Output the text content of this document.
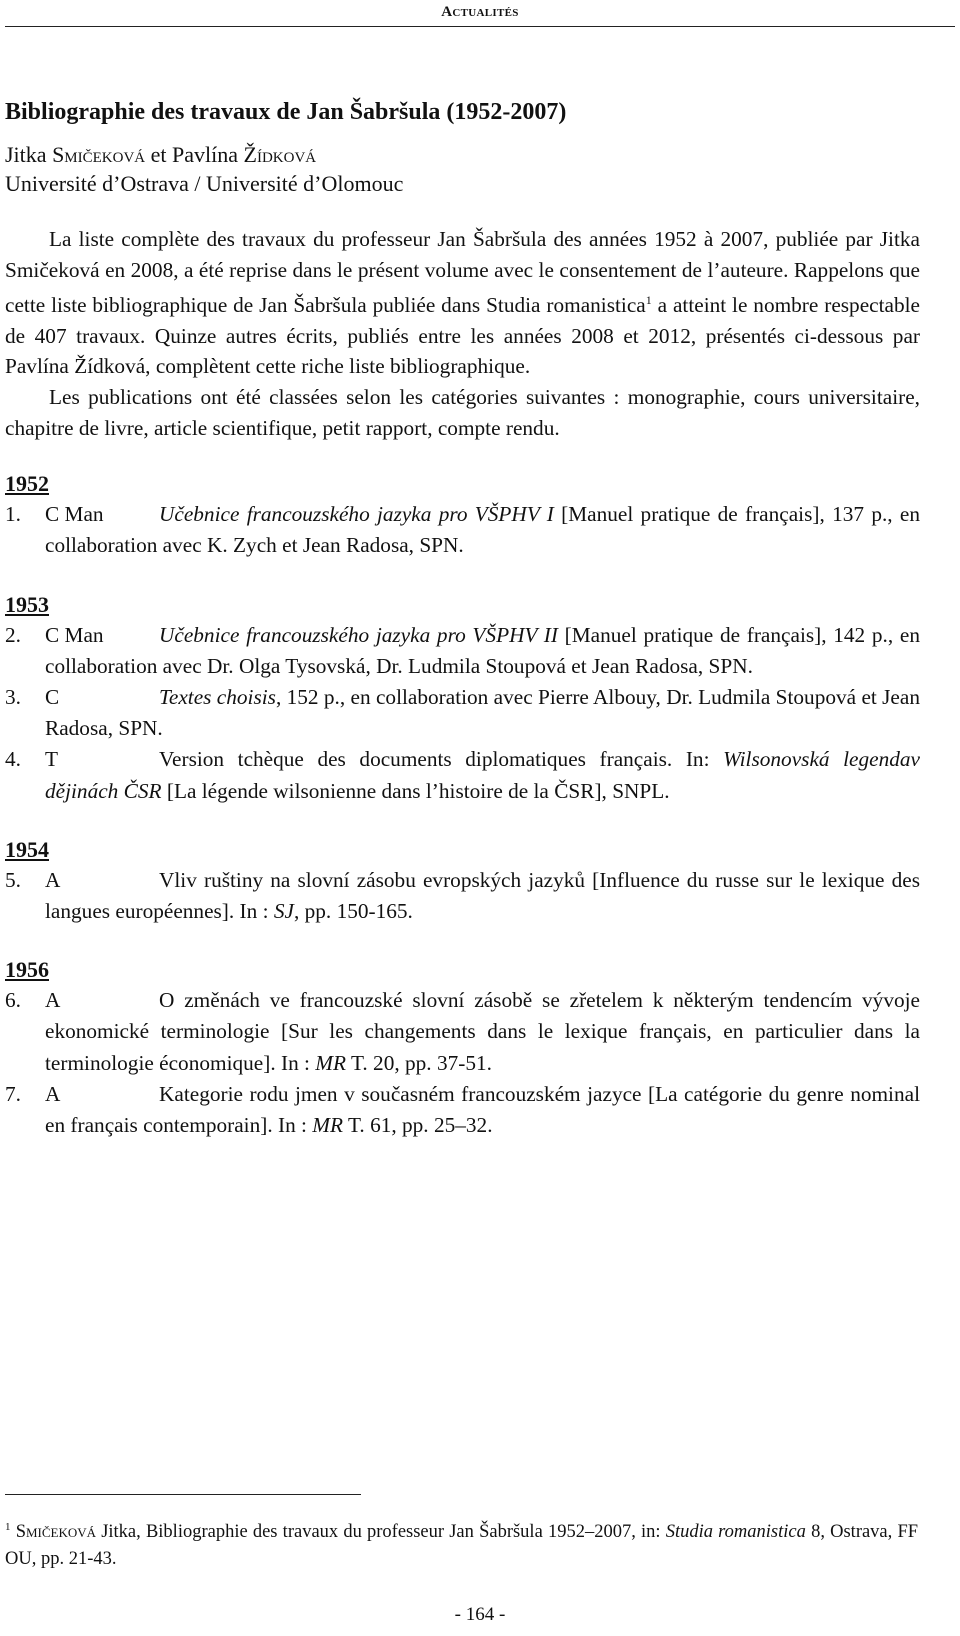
Actualités
Bibliographie des travaux de Jan Šabršula (1952-2007)
Jitka Smičeková et Pavlína Žídková
Université d’Ostrava / Université d’Olomouc

La liste complète des travaux du professeur Jan Šabršula des années 1952 à 2007, publiée par Jitka Smičeková en 2008, a été reprise dans le présent volume avec le consentement de l’auteure. Rappelons que cette liste bibliographique de Jan Šabršula publiée dans Studia romanistica$^1$ a atteint le nombre respectable de 407 travaux. Quinze autres écrits, publiés entre les années 2008 et 2012, présentés ci-dessous par Pavlína Žídková, complètent cette riche liste bibliographique.

Les publications ont été classées selon les catégories suivantes : monographie, cours universitaire, chapitre de livre, article scientifique, petit rapport, compte rendu.

1952
1. C Man	Učebnice francouzského jazyka pro VŠPHV I [Manuel pratique de français], 137 p., en collaboration avec K. Zych et Jean Radosa, SPN.
1953
2. C Man	Učebnice francouzského jazyka pro VŠPHV II [Manuel pratique de français], 142 p., en collaboration avec Dr. Olga Tysovská, Dr. Ludmila Stoupová et Jean Radosa, SPN.
3. C	Textes choisis, 152 p., en collaboration avec Pierre Albouy, Dr. Ludmila Stoupová et Jean Radosa, SPN.
4. T	Version tchèque des documents diplomatiques français. In: Wilsonovská legendav dějinách ČSR [La légende wilsonienne dans l’histoire de la ČSR], SNPL.
1954
5. A	Vliv ruštiny na slovní zásobu evropských jazyků [Influence du russe sur le lexique des langues européennes]. In : SJ, pp. 150-165.
1956
6. A	O změnách ve francouzské slovní zásobě se zřetelem k některým tendencím vývoje ekonomické terminologie [Sur les changements dans le lexique français, en particulier dans la terminologie économique]. In : MR T. 20, pp. 37-51.
7. A	Kategorie rodu jmen v současném francouzském jazyce [La catégorie du genre nominal en français contemporain]. In : MR T. 61, pp. 25–32.
$^1$ Smičeková Jitka, Bibliographie des travaux du professeur Jan Šabršula 1952–2007, in: Studia romanistica 8, Ostrava, FF OU, pp. 21-43.
- 164 -
